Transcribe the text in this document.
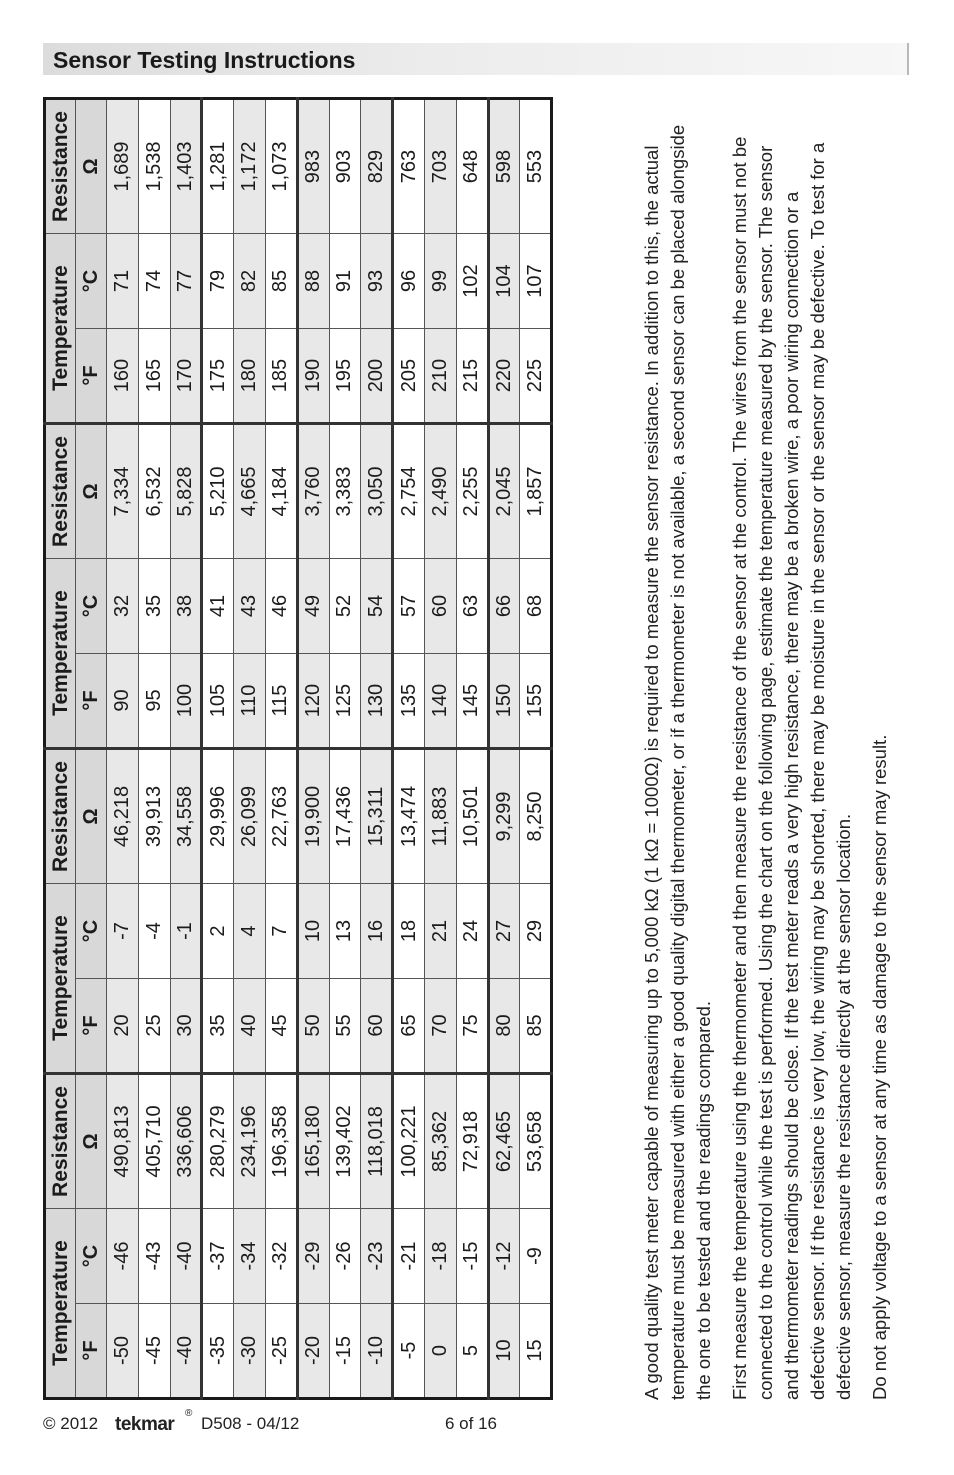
Sensor Testing Instructions
Temperature		Resistance	Temperature		Resistance	Temperature		Resistance	Temperature		Resistance
°F	°C	Ω	°F	°C	Ω	°F	°C	Ω	°F	°C	Ω
-50	-46	490,813	20	-7	46,218	90	32	7,334	160	71	1,689
-45	-43	405,710	25	-4	39,913	95	35	6,532	165	74	1,538
-40	-40	336,606	30	-1	34,558	100	38	5,828	170	77	1,403
-35	-37	280,279	35	2	29,996	105	41	5,210	175	79	1,281
-30	-34	234,196	40	4	26,099	110	43	4,665	180	82	1,172
-25	-32	196,358	45	7	22,763	115	46	4,184	185	85	1,073
-20	-29	165,180	50	10	19,900	120	49	3,760	190	88	983
-15	-26	139,402	55	13	17,436	125	52	3,383	195	91	903
-10	-23	118,018	60	16	15,311	130	54	3,050	200	93	829
-5	-21	100,221	65	18	13,474	135	57	2,754	205	96	763
0	-18	85,362	70	21	11,883	140	60	2,490	210	99	703
5	-15	72,918	75	24	10,501	145	63	2,255	215	102	648
10	-12	62,465	80	27	9,299	150	66	2,045	220	104	598
15	-9	53,658	85	29	8,250	155	68	1,857	225	107	553	A good quality test meter capable of measuring up to 5,000 kΩ (1 kΩ = 1000Ω) is required to measure the sensor resistance. In addition to this, the actual temperature must be measured with either a good quality digital thermometer, or if a thermometer is not available, a second sensor can be placed alongside the one to be tested and the readings compared. First measure the temperature using the thermometer and then measure the resistance of the sensor at the control. The wires from the sensor must not be connected to the control while the test is performed. Using the chart on the following page, estimate the temperature measured by the sensor. The sensor and thermometer readings should be close. If the test meter reads a very high resistance, there may be a broken wire, a poor wiring connection or a defective sensor. If the resistance is very low, the wiring may be shorted, there may be moisture in the sensor or the sensor may be defective. To test for a defective sensor, measure the resistance directly at the sensor location. Do not apply voltage to a sensor at any time as damage to the sensor may result.

© 2012 tekmar
®
D508 - 04/12	6 of 16
